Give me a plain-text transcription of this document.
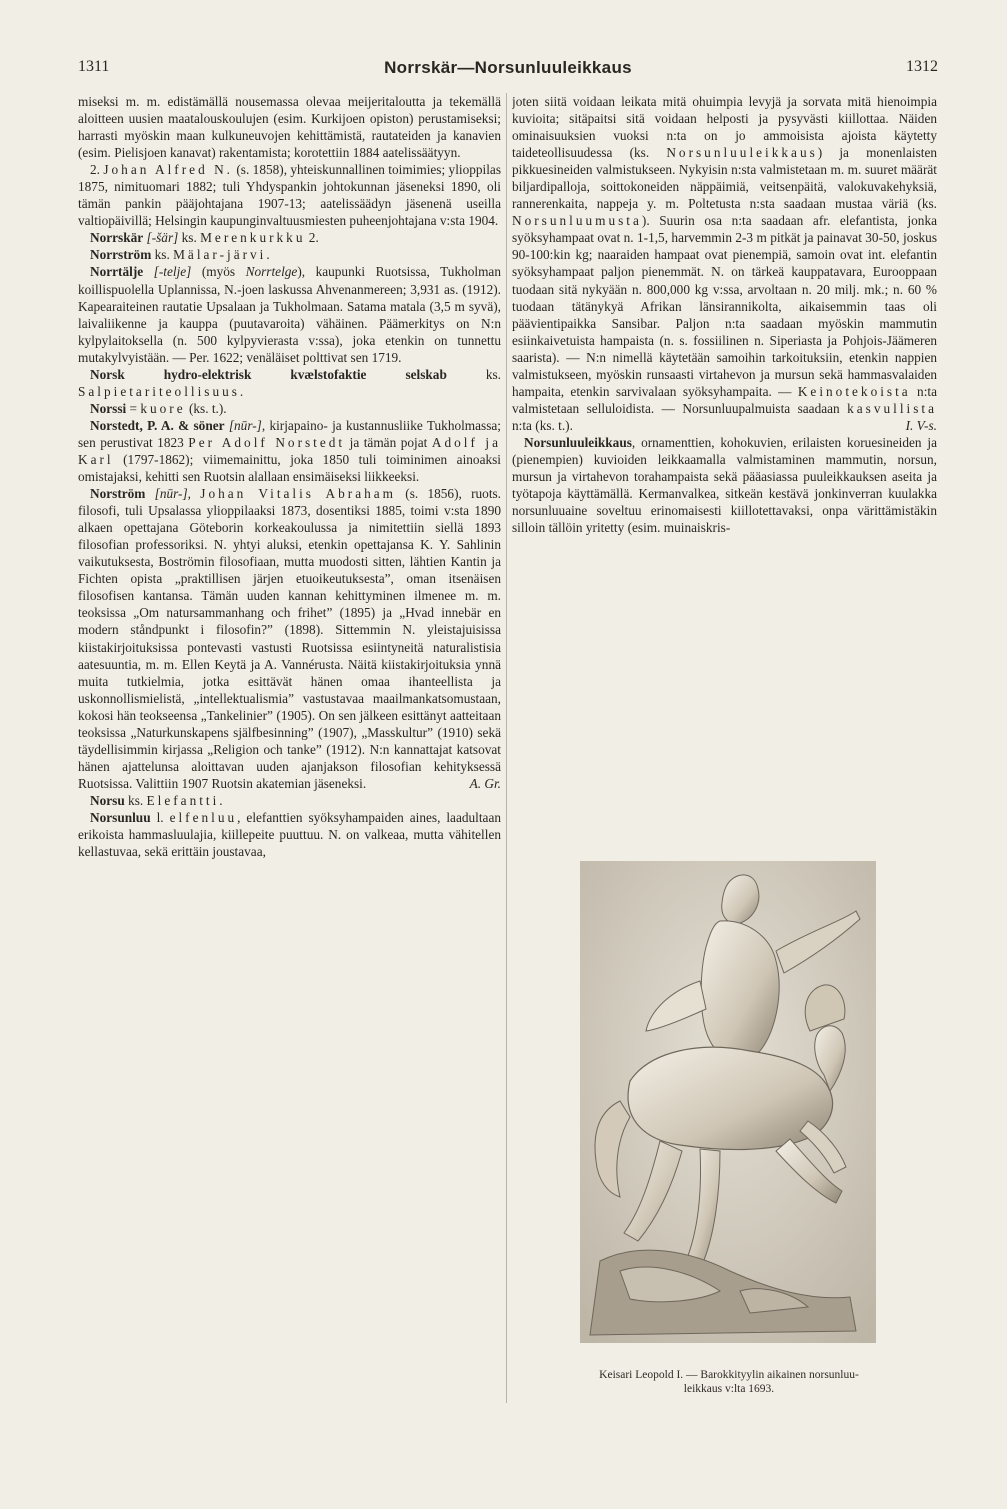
1311	Norrskär—Norsunluuleikkaus	1312

miseksi m. m. edistämällä nousemassa olevaa meijeritaloutta ja tekemällä aloitteen uusien maatalouskoulujen (esim. Kurkijoen opiston) perustamiseksi; harrasti myöskin maan kulkuneuvojen kehittämistä, rautateiden ja kanavien (esim. Pielisjoen kanavat) rakentamista; korotettiin 1884 aatelissäätyyn.

2. Johan Alfred N. (s. 1858), yhteiskunnallinen toimimies; ylioppilas 1875, nimituomari 1882; tuli Yhdyspankin johtokunnan jäseneksi 1890, oli tämän pankin pääjohtajana 1907-13; aatelissäädyn jäsenenä useilla valtiopäivillä; Helsingin kaupunginvaltuusmiesten puheenjohtajana v:sta 1904.

Norrskär [-šär] ks. Merenkurkku 2.

Norrström ks. Mälar-järvi.

Norrtälje [-telje] (myös Norrtelge), kaupunki Ruotsissa, Tukholman koillispuolella Uplannissa, N.-joen laskussa Ahvenanmereen; 3,931 as. (1912). Kapearaiteinen rautatie Upsalaan ja Tukholmaan. Satama matala (3,5 m syvä), laivaliikenne ja kauppa (puutavaroita) vähäinen. Päämerkitys on N:n kylpylaitoksella (n. 500 kylpyvierasta v:ssa), joka etenkin on tunnettu mutakylvyistään. — Per. 1622; venäläiset polttivat sen 1719.

Norsk hydro-elektrisk kvælstofaktie selskab ks. Salpietariteollisuus.

Norssi = kuore (ks. t.).

Norstedt, P. A. & söner [nūr-], kirjapaino- ja kustannusliike Tukholmassa; sen perustivat 1823 Per Adolf Norstedt ja tämän pojat Adolf ja Karl (1797-1862); viimemainittu, joka 1850 tuli toiminimen ainoaksi omistajaksi, kehitti sen Ruotsin alallaan ensimäiseksi liikkeeksi.

Norström [nūr-], Johan Vitalis Abraham (s. 1856), ruots. filosofi, tuli Upsalassa ylioppilaaksi 1873, dosentiksi 1885, toimi v:sta 1890 alkaen opettajana Göteborin korkeakoulussa ja nimitettiin siellä 1893 filosofian professoriksi. N. yhtyi aluksi, etenkin opettajansa K. Y. Sahlinin vaikutuksesta, Boströmin filosofiaan, mutta muodosti sitten, lähtien Kantin ja Fichten opista „praktillisen järjen etuoikeutuksesta”, oman itsenäisen filosofisen kantansa. Tämän uuden kannan kehittyminen ilmenee m. m. teoksissa „Om natursammanhang och frihet” (1895) ja „Hvad innebär en modern ståndpunkt i filosofin?” (1898). Sittemmin N. yleistajuisissa kiistakirjoituksissa pontevasti vastusti Ruotsissa esiintyneitä naturalistisia aatesuuntia, m. m. Ellen Keytä ja A. Vannérusta. Näitä kiistakirjoituksia ynnä muita tutkielmia, jotka esittävät hänen omaa ihanteellista ja uskonnollismielistä, „intellektualismia” vastustavaa maailmankatsomustaan, kokosi hän teokseensa „Tankelinier” (1905). On sen jälkeen esittänyt aatteitaan teoksissa „Naturkunskapens själfbesinning” (1907), „Masskultur” (1910) sekä täydellisimmin kirjassa „Religion och tanke” (1912). N:n kannattajat katsovat hänen ajattelunsa aloittavan uuden ajanjakson filosofian kehityksessä Ruotsissa. Valittiin 1907 Ruotsin akatemian jäseneksi.	A. Gr.

Norsu ks. Elefantti.

Norsunluu l. elfenluu, elefanttien syöksyhampaiden aines, laadultaan erikoista hammasluulajia, kiillepeite puuttuu. N. on valkeaa, mutta vähitellen kellastuvaa, sekä erittäin joustavaa,

joten siitä voidaan leikata mitä ohuimpia levyjä ja sorvata mitä hienoimpia kuvioita; sitäpaitsi sitä voidaan helposti ja pysyvästi kiillottaa. Näiden ominaisuuksien vuoksi n:ta on jo ammoisista ajoista käytetty taideteollisuudessa (ks. Norsunluuleikkaus) ja monenlaisten pikkuesineiden valmistukseen. Nykyisin n:sta valmistetaan m. m. suuret määrät biljardipalloja, soittokoneiden näppäimiä, veitsenpäitä, valokuvakehyksiä, rannerenkaita, nappeja y. m. Poltetusta n:sta saadaan mustaa väriä (ks. Norsunluumusta). Suurin osa n:ta saadaan afr. elefantista, jonka syöksyhampaat ovat n. 1-1,5, harvemmin 2-3 m pitkät ja painavat 30-50, joskus 90-100:kin kg; naaraiden hampaat ovat pienempiä, samoin ovat int. elefantin syöksyhampaat paljon pienemmät. N. on tärkeä kauppatavara, Eurooppaan tuodaan sitä nykyään n. 800,000 kg v:ssa, arvoltaan n. 20 milj. mk.; n. 60 % tuodaan tätänykyä Afrikan länsirannikolta, aikaisemmin taas oli päävientipaikka Sansibar. Paljon n:ta saadaan myöskin mammutin esiinkaivetuista hampaista (n. s. fossiilinen n. Siperiasta ja Pohjois-Jäämeren saarista). — N:n nimellä käytetään samoihin tarkoituksiin, etenkin nappien valmistukseen, myöskin runsaasti virtahevon ja mursun sekä hammasvalaiden hampaita, etenkin sarvivalaan syöksyhampaita. — Keinotekoista n:ta valmistetaan selluloidista. — Norsunluupalmuista saadaan kasvullista n:ta (ks. t.).	I. V-s.

Norsunluuleikkaus, ornamenttien, kohokuvien, erilaisten koruesineiden ja (pienempien) kuvioiden leikkaamalla valmistaminen mammutin, norsun, mursun ja virtahevon torahampaista sekä pääasiassa puuleikkauksen aseita ja työtapoja käyttämällä. Kermanvalkea, sitkeän kestävä jonkinverran kuulakka norsunluuaine soveltuu erinomaisesti kiillotettavaksi, onpa värittämistäkin silloin tällöin yritetty (esim. muinaiskris-

Keisari Leopold I. — Barokkityylin aikainen norsunluu-
leikkaus v:lta 1693.
